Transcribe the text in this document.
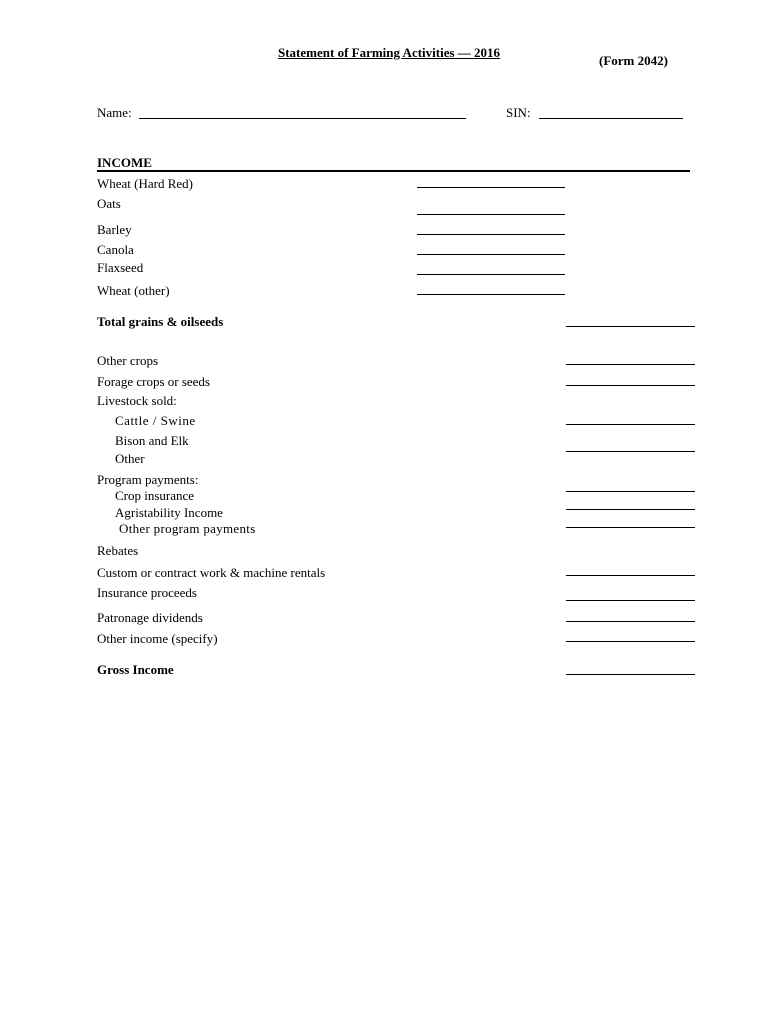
Statement of Farming Activities — 2016
(Form 2042)
Name:	SIN:
INCOME
Wheat (Hard Red)
Oats
Barley
Canola
Flaxseed
Wheat (other)
Total grains & oilseeds
Other crops
Forage crops or seeds
Livestock sold:
Cattle / Swine
Bison and Elk
Other
Program payments:
Crop insurance
Agristability Income
Other program payments
Rebates
Custom or contract work & machine rentals
Insurance proceeds
Patronage dividends
Other income (specify)
Gross Income
